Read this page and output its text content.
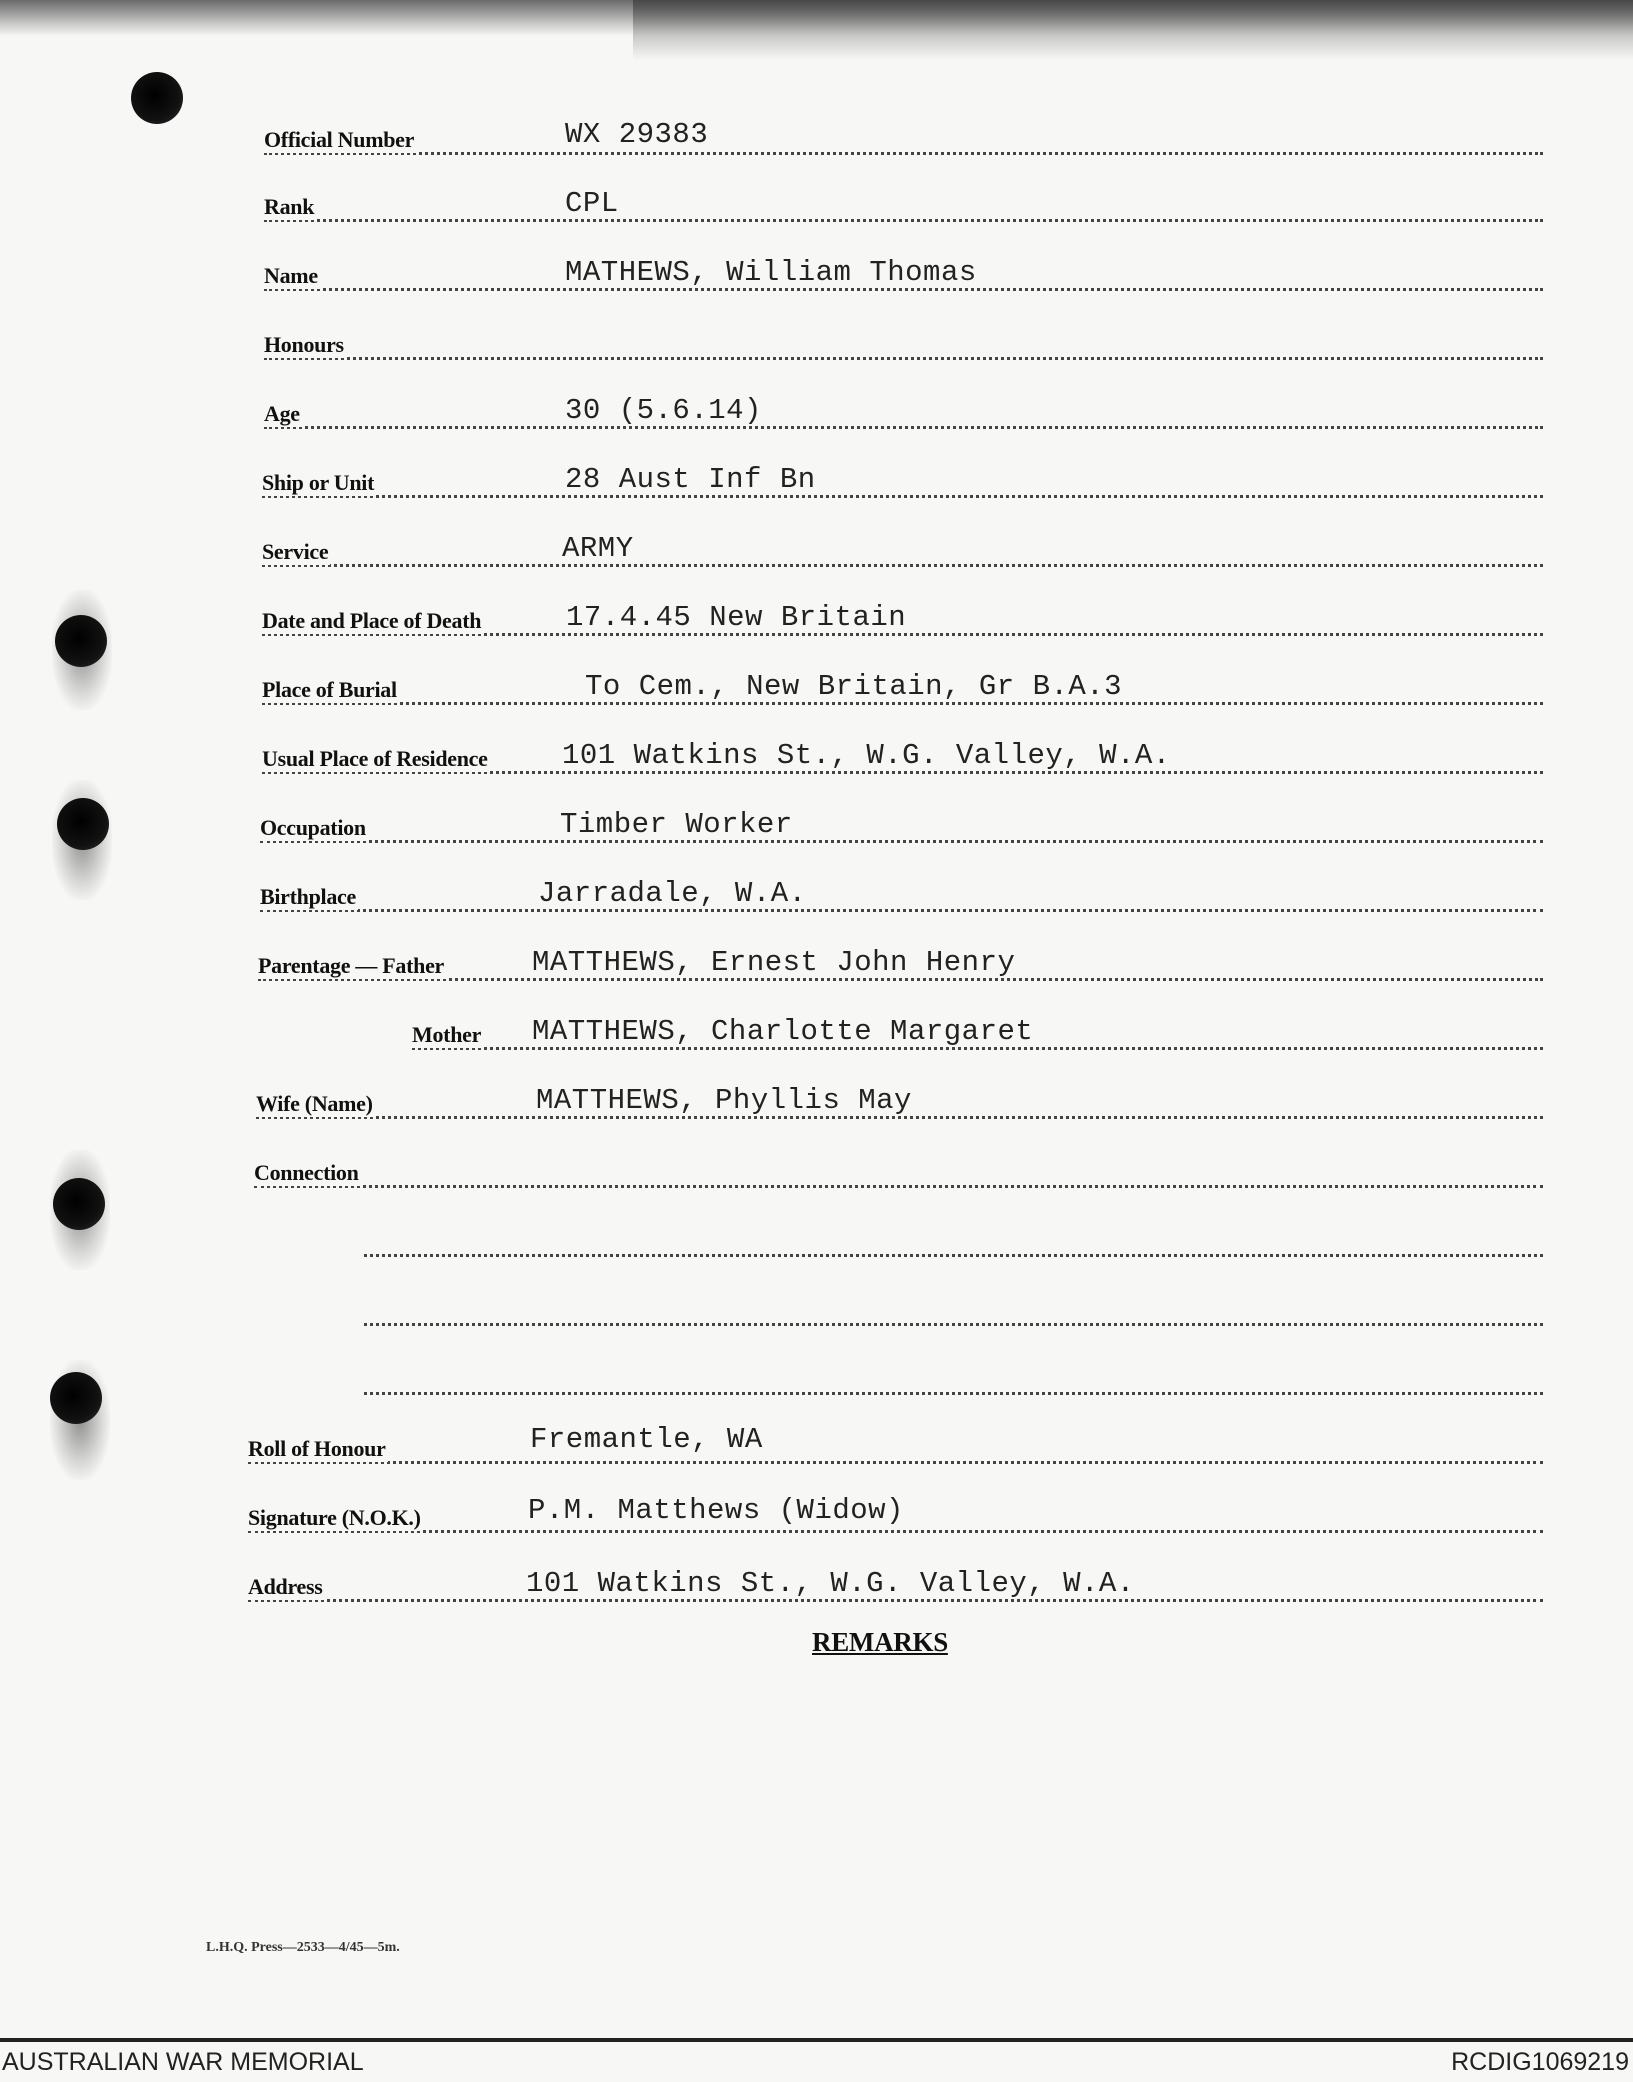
Official Number	WX 29383
Rank	CPL
Name	MATHEWS, William Thomas
Honours
Age	30 (5.6.14)
Ship or Unit	28 Aust Inf Bn
Service	ARMY
Date and Place of Death	17.4.45 New Britain
Place of Burial	To Cem., New Britain, Gr B.A.3
Usual Place of Residence	101 Watkins St., W.G. Valley, W.A.
Occupation	Timber Worker
Birthplace	Jarradale, W.A.
Parentage — Father	MATTHEWS, Ernest John Henry
Mother MATTHEWS, Charlotte Margaret
Wife (Name)	MATTHEWS, Phyllis May
Connection
Roll of Honour	Fremantle, WA
Signature (N.O.K.)	P.M. Matthews (Widow)
Address	101 Watkins St., W.G. Valley, W.A.
REMARKS
L.H.Q. Press—2533—4/45—5m.
AUSTRALIAN WAR MEMORIAL	RCDIG1069219
